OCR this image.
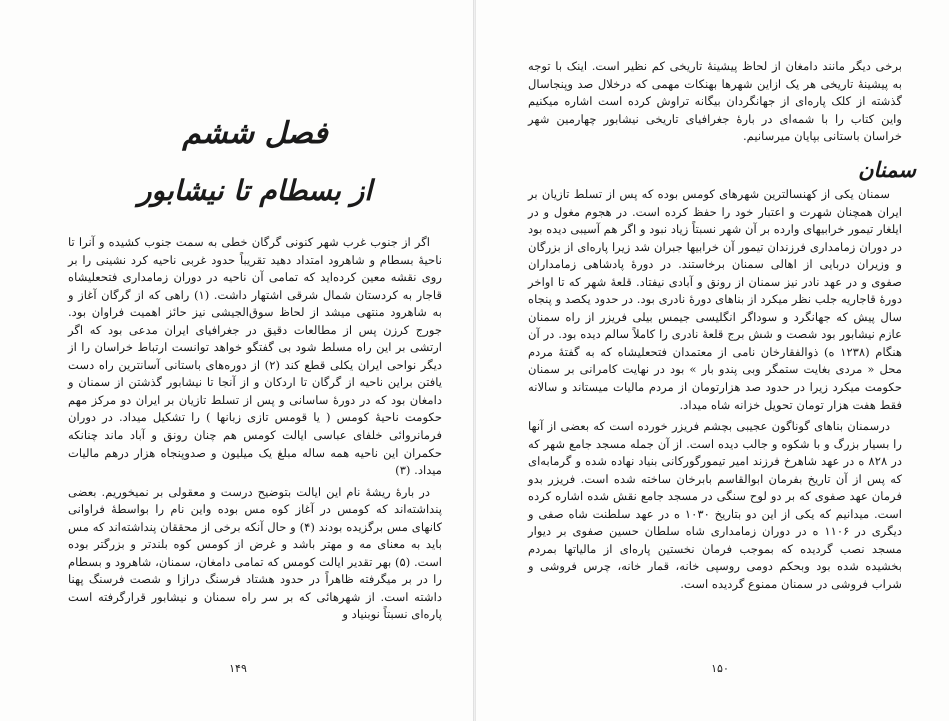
فصل ششم
از بسطام تا نیشابور

اگر از جنوب غرب شهر کنونی گرگان خطی به سمت جنوب کشیده و آنرا تا ناحیهٔ بسطام و شاهرود امتداد دهید تقریباً حدود غربی ناحیه کرد نشینی را بر روی نقشه معین کرده‌اید که تمامی آن ناحیه در دوران زمامداری فتحعلیشاه قاجار به کردستان شمال شرقی اشتهار داشت. (۱) راهی که از گرگان آغاز و به شاهرود منتهی میشد از لحاظ سوق‌الجیشی نیز حائز اهمیت فراوان بود. جورج کرزن پس از مطالعات دقیق در جغرافیای ایران مدعی بود که اگر ارتشی بر این راه مسلط شود بی گفتگو خواهد توانست ارتباط خراسان را از دیگر نواحی ایران یکلی قطع کند (۲) از دوره‌های باستانی آسانترین راه دست یافتن براین ناحیه از گرگان تا اردکان و از آنجا تا نیشابور گذشتن از سمنان و دامغان بود که در دورهٔ ساسانی و پس از تسلط تازیان بر ایران دو مرکز مهم حکومت ناحیهٔ کومس ( یا قومس تازی زبانها ) را تشکیل میداد. در دوران فرمانروائی خلفای عباسی ایالت کومس هم چنان رونق و آباد ماند چنانکه حکمران این ناحیه همه ساله مبلغ یک میلیون و صدوپنجاه هزار درهم مالیات میداد. (۳)

در بارهٔ ریشهٔ نام این ایالت بتوضیح درست و معقولی بر نمیخوریم. بعضی پنداشته‌اند که کومس در آغاز کوه مس بوده واین نام را بواسطهٔ فراوانی کانهای مس برگزیده بودند (۴) و حال آنکه برخی از محققان پنداشته‌اند که مس باید به معنای مه و مهتر باشد و غرض از کومس کوه بلندتر و بزرگتر بوده است. (۵) بهر تقدیر ایالت کومس که تمامی دامغان، سمنان، شاهرود و بسطام را در بر میگرفته ظاهراً در حدود هشتاد فرسنگ درازا و شصت فرسنگ پهنا داشته است. از شهرهائی که بر سر راه سمنان و نیشابور قرارگرفته است پاره‌ای نسبتاً نوبنیاد و

۱۴۹

برخی دیگر مانند دامغان از لحاظ پیشینهٔ تاریخی کم نظیر است. اینک با توجه به پیشینهٔ تاریخی هر یک ازاین شهرها بهنکات مهمی که درخلال صد وپنجاسال گذشته از کلک پاره‌ای از جهانگردان بیگانه تراوش کرده است اشاره میکنیم واین کتاب را با شمه‌ای در بارهٔ جغرافیای تاریخی نیشابور چهارمین شهر خراسان باستانی بپایان میرسانیم.

سمنان

سمنان یکی از کهنسالترین شهرهای کومس بوده که پس از تسلط تازیان بر ایران همچنان شهرت و اعتبار خود را حفظ کرده است. در هجوم مغول و در ایلغار تیمور خرابیهای وارده بر آن شهر نسبتاً زیاد نبود و اگر هم آسیبی دیده بود در دوران زمامداری فرزندان تیمور آن خرابیها جبران شد زیرا پاره‌ای از بزرگان و وزیران دربایی از اهالی سمنان برخاستند. در دورهٔ پادشاهی زمامداران صفوی و در عهد نادر نیز سمنان از رونق و آبادی نیفتاد. قلعهٔ شهر که تا اواخر دورهٔ قاجاریه جلب نظر میکرد از بناهای دورهٔ نادری بود. در حدود یکصد و پنجاه سال پیش که جهانگرد و سوداگر انگلیسی جیمس بیلی فریزر از راه سمنان عازم نیشابور بود شصت و شش برج قلعهٔ نادری را کاملاً سالم دیده بود. در آن هنگام (۱۲۳۸ ه) ذوالفقارخان نامی از معتمدان فتحعلیشاه که به گفتهٔ مردم محل « مردی بغایت ستمگر وبی پندو بار » بود در نهایت کامرانی بر سمنان حکومت میکرد زیرا در حدود صد هزارتومان از مردم مالیات میستاند و سالانه فقط هفت هزار تومان تحویل خزانه شاه میداد.

درسمنان بناهای گوناگون عجیبی بچشم فریزر خورده است که بعضی از آنها را بسیار بزرگ و با شکوه و جالب دیده است. از آن جمله مسجد جامع شهر که در ۸۲۸ ه در عهد شاهرخ فرزند امیر تیمورگورکانی بنیاد نهاده شده و گرمابه‌ای که پس از آن تاریخ بفرمان ابوالقاسم بابرخان ساخته شده است. فریزر بدو فرمان عهد صفوی که بر دو لوح سنگی در مسجد جامع نقش شده اشاره کرده است. میدانیم که یکی از این دو بتاریخ ۱۰۳۰ ه در عهد سلطنت شاه صفی و دیگری در ۱۱۰۶ ه در دوران زمامداری شاه سلطان حسین صفوی بر دیوار مسجد نصب گردیده که بموجب فرمان نخستین پاره‌ای از مالیاتها بمردم بخشیده شده بود وبحکم دومی روسپی خانه، قمار خانه، چرس فروشی و شراب فروشی در سمنان ممنوع گردیده است.

۱۵۰
